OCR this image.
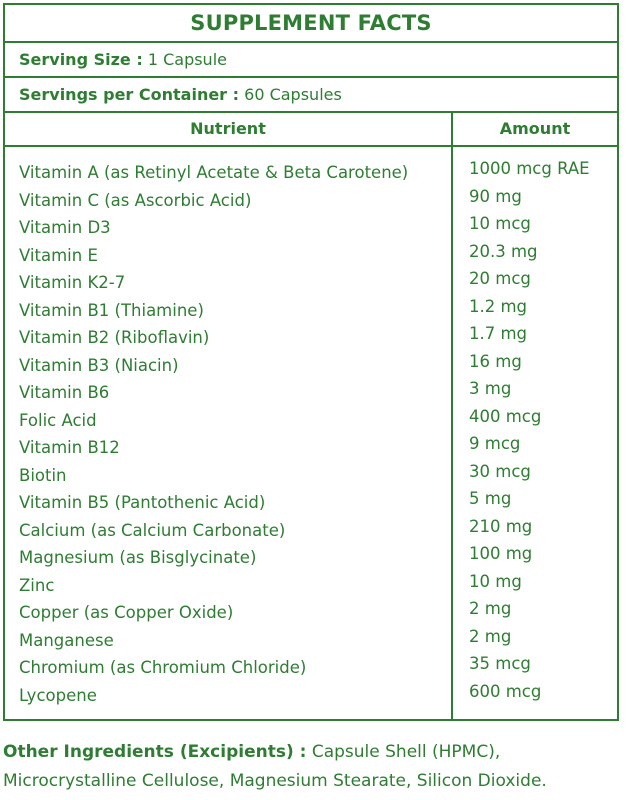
SUPPLEMENT FACTS
Serving Size : 1 Capsule
Servings per Container : 60 Capsules
Nutrient	Amount
Vitamin A (as Retinyl Acetate & Beta Carotene)
Vitamin C (as Ascorbic Acid)
Vitamin D3
Vitamin E
Vitamin K2-7
Vitamin B1 (Thiamine)
Vitamin B2 (Riboflavin)
Vitamin B3 (Niacin)
Vitamin B6
Folic Acid
Vitamin B12
Biotin
Vitamin B5 (Pantothenic Acid)
Calcium (as Calcium Carbonate)
Magnesium (as Bisglycinate)
Zinc
Copper (as Copper Oxide)
Manganese
Chromium (as Chromium Chloride)
Lycopene
1000 mcg RAE
90 mg
10 mcg
20.3 mg
20 mcg
1.2 mg
1.7 mg
16 mg
3 mg
400 mcg
9 mcg
30 mcg
5 mg
210 mg
100 mg
10 mg
2 mg
2 mg
35 mcg
600 mcg
Other Ingredients (Excipients) : Capsule Shell (HPMC), Microcrystalline Cellulose, Magnesium Stearate, Silicon Dioxide.
